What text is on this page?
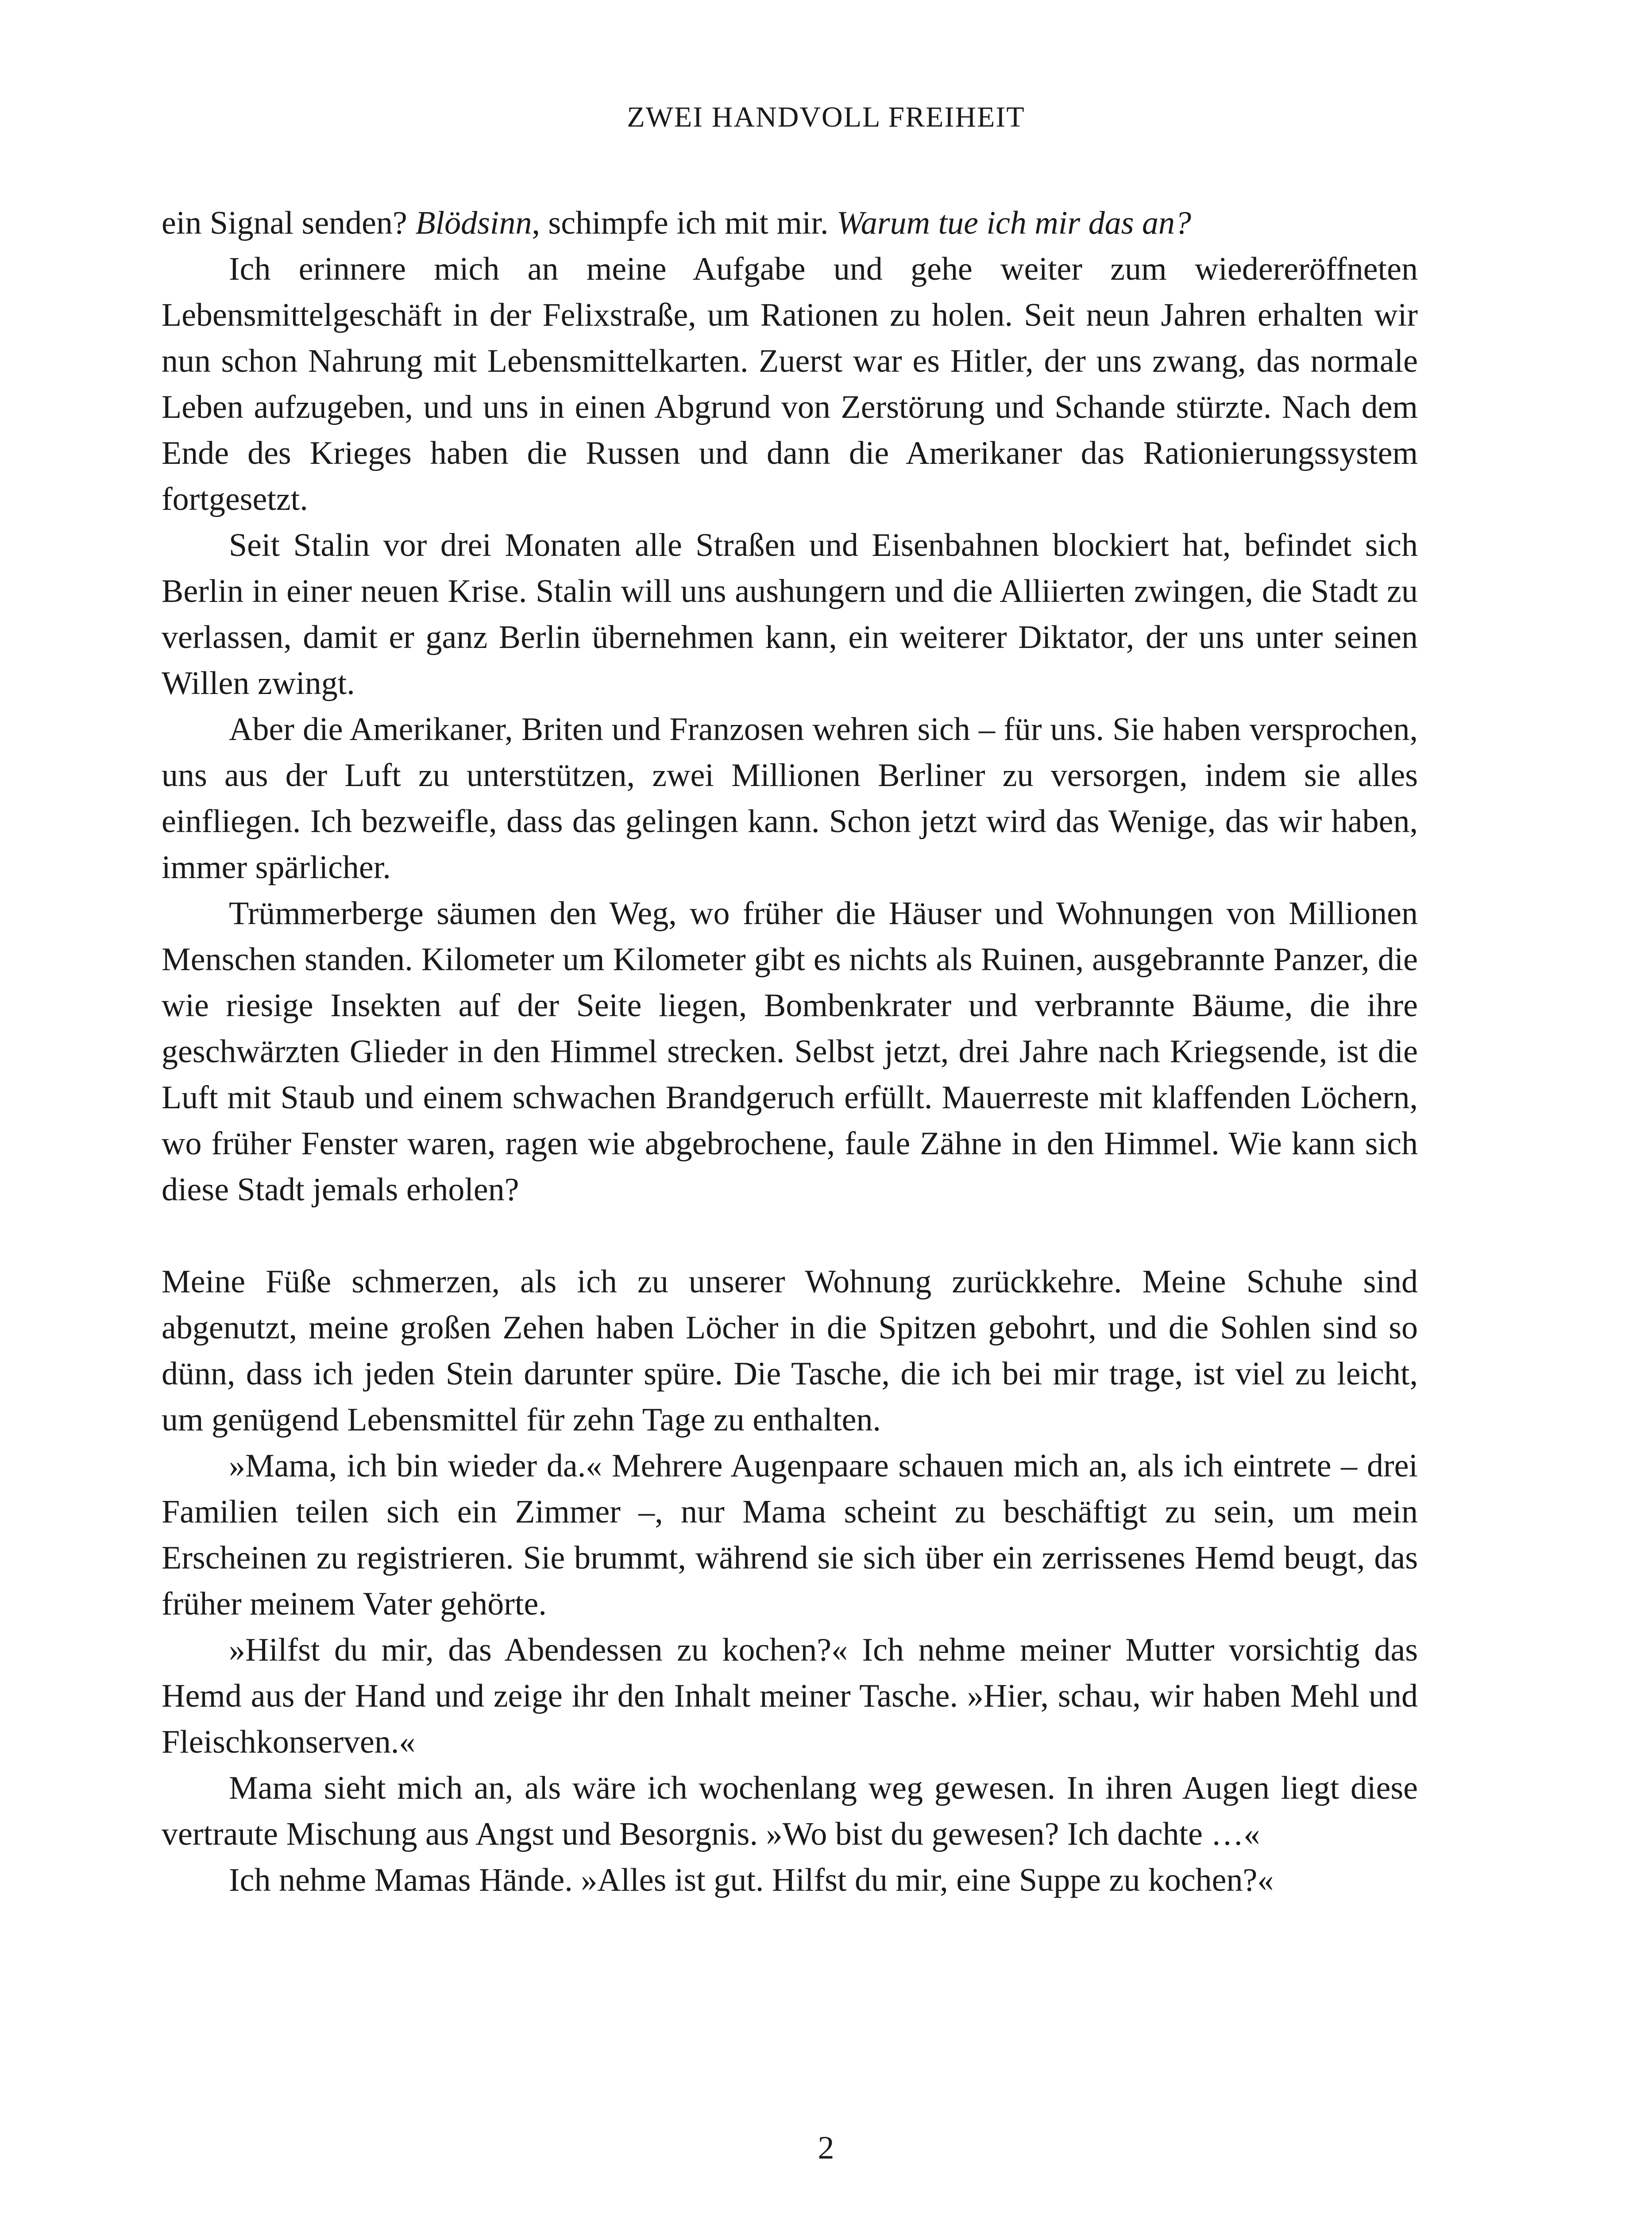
ZWEI HANDVOLL FREIHEIT

ein Signal senden? Blödsinn, schimpfe ich mit mir. Warum tue ich mir das an?

Ich erinnere mich an meine Aufgabe und gehe weiter zum wiedereröffneten Lebensmittelgeschäft in der Felixstraße, um Rationen zu holen. Seit neun Jahren erhalten wir nun schon Nahrung mit Lebensmittelkarten. Zuerst war es Hitler, der uns zwang, das normale Leben aufzugeben, und uns in einen Abgrund von Zerstörung und Schande stürzte. Nach dem Ende des Krieges haben die Russen und dann die Amerikaner das Rationierungssystem fortgesetzt.

Seit Stalin vor drei Monaten alle Straßen und Eisenbahnen blockiert hat, befindet sich Berlin in einer neuen Krise. Stalin will uns aushungern und die Alliierten zwingen, die Stadt zu verlassen, damit er ganz Berlin übernehmen kann, ein weiterer Diktator, der uns unter seinen Willen zwingt.

Aber die Amerikaner, Briten und Franzosen wehren sich – für uns. Sie haben versprochen, uns aus der Luft zu unterstützen, zwei Millionen Berliner zu versorgen, indem sie alles einfliegen. Ich bezweifle, dass das gelingen kann. Schon jetzt wird das Wenige, das wir haben, immer spärlicher.

Trümmerberge säumen den Weg, wo früher die Häuser und Wohnungen von Millionen Menschen standen. Kilometer um Kilometer gibt es nichts als Ruinen, ausgebrannte Panzer, die wie riesige Insekten auf der Seite liegen, Bombenkrater und verbrannte Bäume, die ihre geschwärzten Glieder in den Himmel strecken. Selbst jetzt, drei Jahre nach Kriegsende, ist die Luft mit Staub und einem schwachen Brandgeruch erfüllt. Mauerreste mit klaffenden Löchern, wo früher Fenster waren, ragen wie abgebrochene, faule Zähne in den Himmel. Wie kann sich diese Stadt jemals erholen?

Meine Füße schmerzen, als ich zu unserer Wohnung zurückkehre. Meine Schuhe sind abgenutzt, meine großen Zehen haben Löcher in die Spitzen gebohrt, und die Sohlen sind so dünn, dass ich jeden Stein darunter spüre. Die Tasche, die ich bei mir trage, ist viel zu leicht, um genügend Lebensmittel für zehn Tage zu enthalten.

»Mama, ich bin wieder da.« Mehrere Augenpaare schauen mich an, als ich eintrete – drei Familien teilen sich ein Zimmer –, nur Mama scheint zu beschäftigt zu sein, um mein Erscheinen zu registrieren. Sie brummt, während sie sich über ein zerrissenes Hemd beugt, das früher meinem Vater gehörte.

»Hilfst du mir, das Abendessen zu kochen?« Ich nehme meiner Mutter vorsichtig das Hemd aus der Hand und zeige ihr den Inhalt meiner Tasche. »Hier, schau, wir haben Mehl und Fleischkonserven.«

Mama sieht mich an, als wäre ich wochenlang weg gewesen. In ihren Augen liegt diese vertraute Mischung aus Angst und Besorgnis. »Wo bist du gewesen? Ich dachte …«

Ich nehme Mamas Hände. »Alles ist gut. Hilfst du mir, eine Suppe zu kochen?«

2
